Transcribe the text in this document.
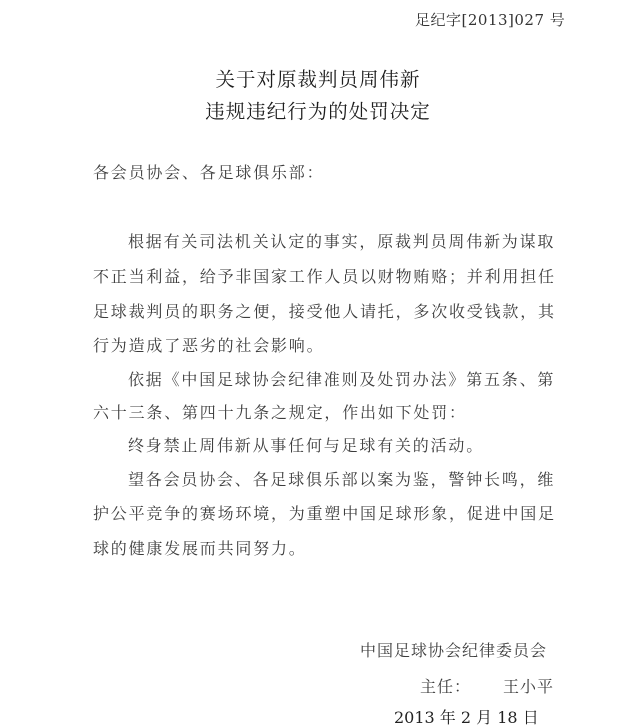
足纪字[2013]027 号
关于对原裁判员周伟新
违规违纪行为的处罚决定
各会员协会、各足球俱乐部：
根据有关司法机关认定的事实，原裁判员周伟新为谋取
不正当利益，给予非国家工作人员以财物贿赂；并利用担任
足球裁判员的职务之便，接受他人请托，多次收受钱款，其
行为造成了恶劣的社会影响。
依据《中国足球协会纪律准则及处罚办法》第五条、第
六十三条、第四十九条之规定，作出如下处罚：
终身禁止周伟新从事任何与足球有关的活动。
望各会员协会、各足球俱乐部以案为鉴，警钟长鸣，维
护公平竞争的赛场环境，为重塑中国足球形象，促进中国足
球的健康发展而共同努力。
中国足球协会纪律委员会
主任： 王小平
2013 年 2 月 18 日
